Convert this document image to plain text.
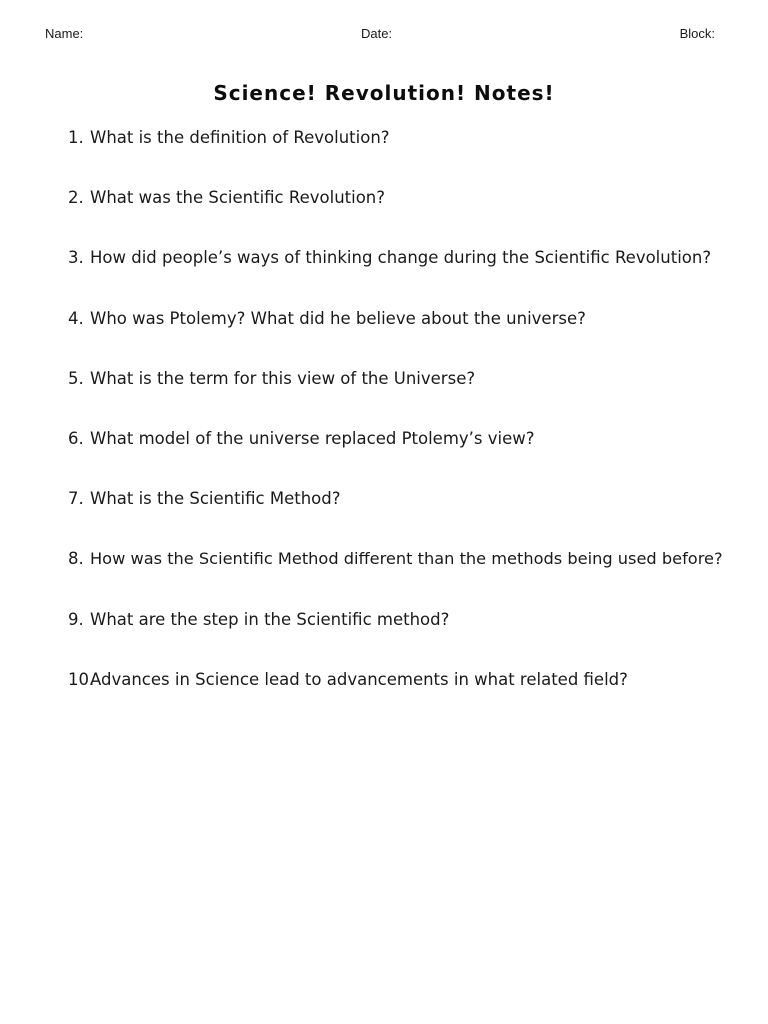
Name:	Date:	Block:
Science! Revolution! Notes!
1. What is the definition of Revolution?
2. What was the Scientific Revolution?
3. How did people’s ways of thinking change during the Scientific Revolution?
4. Who was Ptolemy? What did he believe about the universe?
5. What is the term for this view of the Universe?
6. What model of the universe replaced Ptolemy’s view?
7. What is the Scientific Method?
8. How was the Scientific Method different than the methods being used before?
9. What are the step in the Scientific method?
10.
Advances in Science lead to advancements in what related field?
